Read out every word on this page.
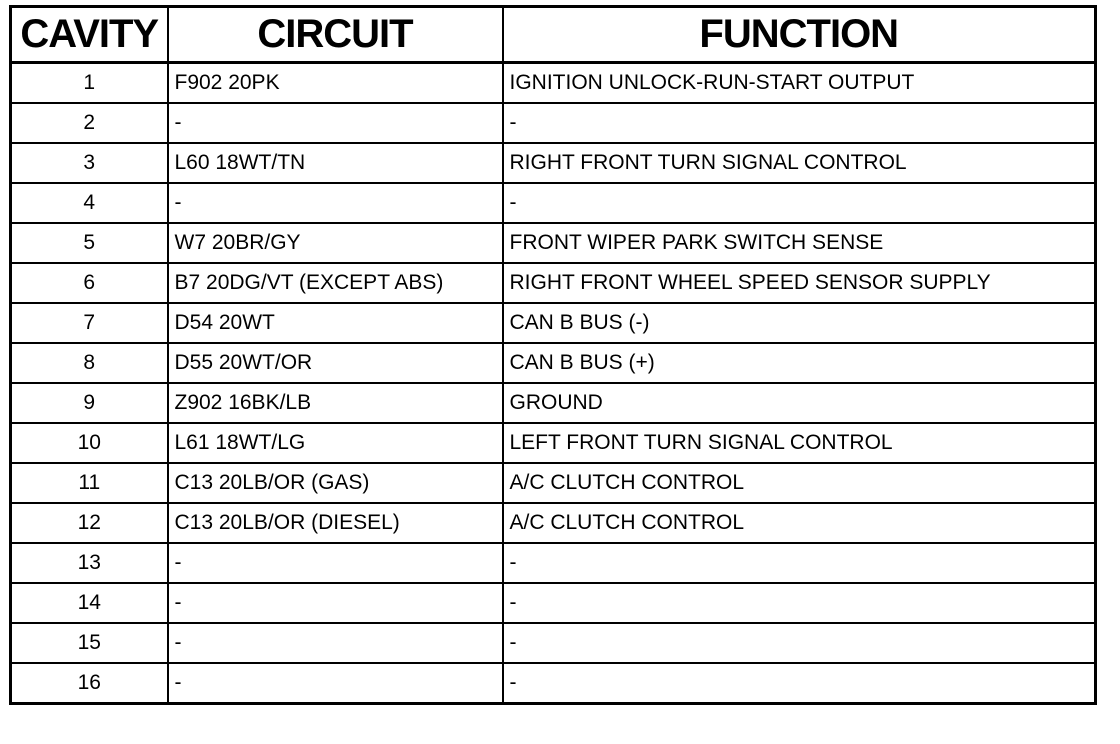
CAVITY	CIRCUIT	FUNCTION
1	F902 20PK	IGNITION UNLOCK-RUN-START OUTPUT
2	-	-
3	L60 18WT/TN	RIGHT FRONT TURN SIGNAL CONTROL
4	-	-
5	W7 20BR/GY	FRONT WIPER PARK SWITCH SENSE
6	B7 20DG/VT (EXCEPT ABS)	RIGHT FRONT WHEEL SPEED SENSOR SUPPLY
7	D54 20WT	CAN B BUS (-)
8	D55 20WT/OR	CAN B BUS (+)
9	Z902 16BK/LB	GROUND
10	L61 18WT/LG	LEFT FRONT TURN SIGNAL CONTROL
11	C13 20LB/OR (GAS)	A/C CLUTCH CONTROL
12	C13 20LB/OR (DIESEL)	A/C CLUTCH CONTROL
13	-	-
14	-	-
15	-	-
16	-	-
